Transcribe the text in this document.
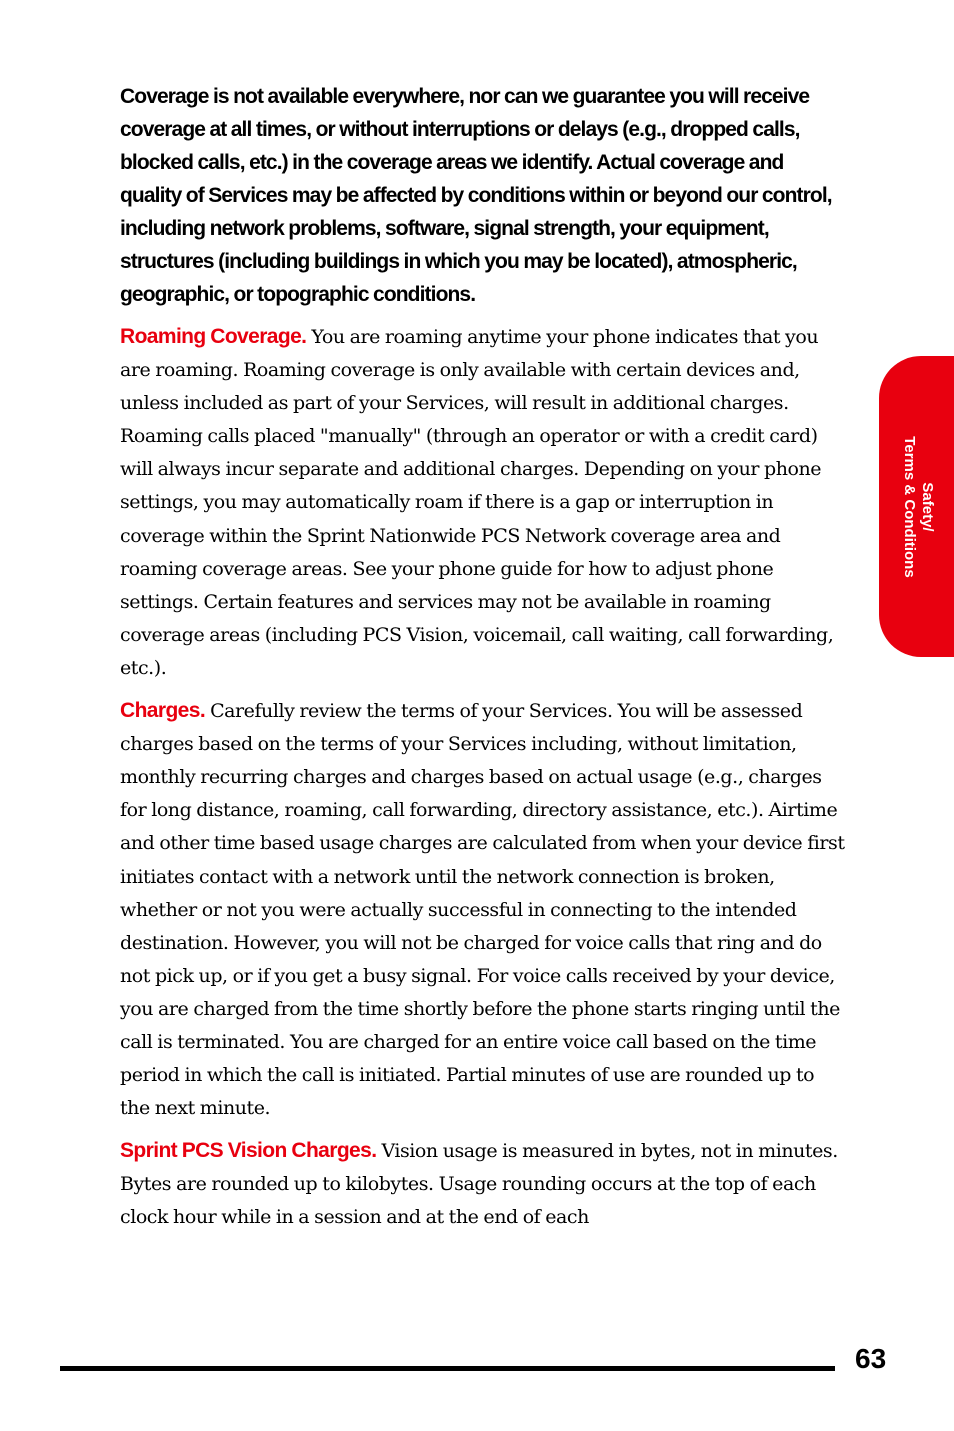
Coverage is not available everywhere, nor can we guarantee you will receive coverage at all times, or without interruptions or delays (e.g., dropped calls, blocked calls, etc.) in the coverage areas we identify. Actual coverage and quality of Services may be affected by conditions within or beyond our control, including network problems, software, signal strength, your equipment, structures (including buildings in which you may be located), atmospheric, geographic, or topographic conditions.

Roaming Coverage. You are roaming anytime your phone indicates that you are roaming. Roaming coverage is only available with certain devices and, unless included as part of your Services, will result in additional charges. Roaming calls placed "manually" (through an operator or with a credit card) will always incur separate and additional charges. Depending on your phone settings, you may automatically roam if there is a gap or interruption in coverage within the Sprint Nationwide PCS Network coverage area and roaming coverage areas. See your phone guide for how to adjust phone settings. Certain features and services may not be available in roaming coverage areas (including PCS Vision, voicemail, call waiting, call forwarding, etc.).

Charges. Carefully review the terms of your Services. You will be assessed charges based on the terms of your Services including, without limitation, monthly recurring charges and charges based on actual usage (e.g., charges for long distance, roaming, call forwarding, directory assistance, etc.). Airtime and other time based usage charges are calculated from when your device first initiates contact with a network until the network connection is broken, whether or not you were actually successful in connecting to the intended destination. However, you will not be charged for voice calls that ring and do not pick up, or if you get a busy signal. For voice calls received by your device, you are charged from the time shortly before the phone starts ringing until the call is terminated. You are charged for an entire voice call based on the time period in which the call is initiated. Partial minutes of use are rounded up to the next minute.

Sprint PCS Vision Charges. Vision usage is measured in bytes, not in minutes. Bytes are rounded up to kilobytes. Usage rounding occurs at the top of each clock hour while in a session and at the end of each

Safety/
Terms & Conditions
63
